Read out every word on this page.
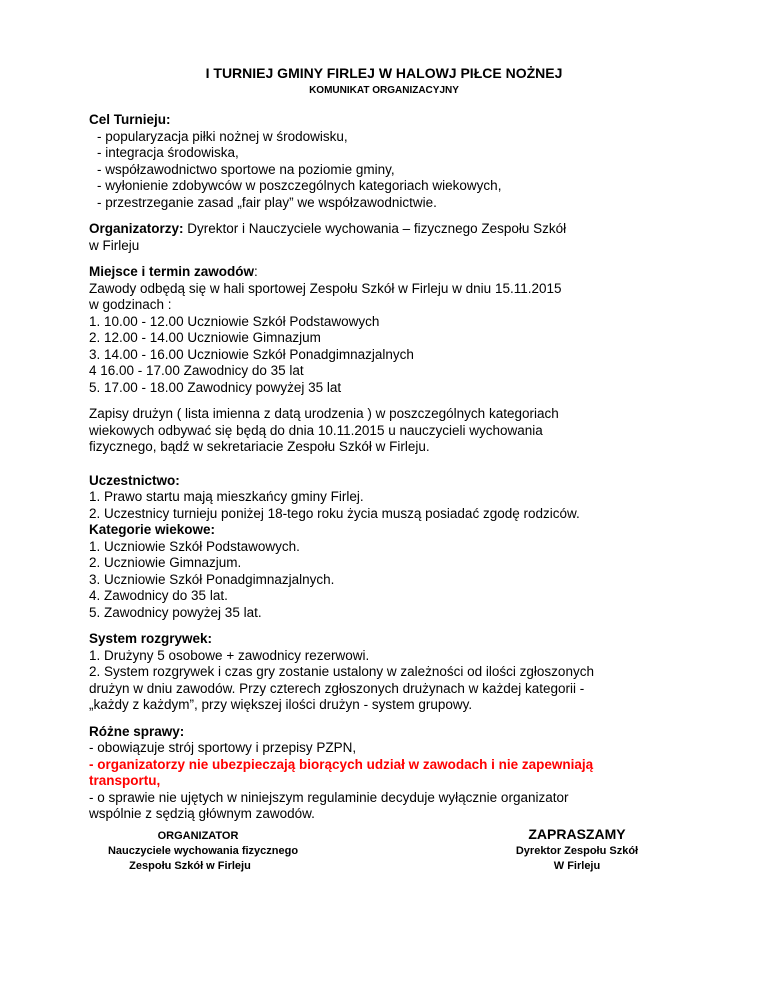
I TURNIEJ GMINY FIRLEJ W HALOWJ PIŁCE NOŻNEJ
KOMUNIKAT ORGANIZACYJNY

Cel Turnieju:

- popularyzacja piłki nożnej w środowisku,

- integracja środowiska,

- współzawodnictwo sportowe na poziomie gminy,

- wyłonienie zdobywców w poszczególnych kategoriach wiekowych,

- przestrzeganie zasad „fair play” we współzawodnictwie.

Organizatorzy: Dyrektor i Nauczyciele wychowania – fizycznego Zespołu Szkół

w Firleju

Miejsce i termin zawodów:

Zawody odbędą się w hali sportowej Zespołu Szkół w Firleju w dniu 15.11.2015

w godzinach :

1. 10.00 - 12.00 Uczniowie Szkół Podstawowych

2. 12.00 - 14.00 Uczniowie Gimnazjum

3. 14.00 - 16.00 Uczniowie Szkół Ponadgimnazjalnych

4 16.00 - 17.00 Zawodnicy do 35 lat

5. 17.00 - 18.00 Zawodnicy powyżej 35 lat

Zapisy drużyn ( lista imienna z datą urodzenia ) w poszczególnych kategoriach

wiekowych odbywać się będą do dnia 10.11.2015 u nauczycieli wychowania

fizycznego, bądź w sekretariacie Zespołu Szkół w Firleju.

Uczestnictwo:

1. Prawo startu mają mieszkańcy gminy Firlej.

2. Uczestnicy turnieju poniżej 18-tego roku życia muszą posiadać zgodę rodziców.

Kategorie wiekowe:

1. Uczniowie Szkół Podstawowych.

2. Uczniowie Gimnazjum.

3. Uczniowie Szkół Ponadgimnazjalnych.

4. Zawodnicy do 35 lat.

5. Zawodnicy powyżej 35 lat.

System rozgrywek:

1. Drużyny 5 osobowe + zawodnicy rezerwowi.

2. System rozgrywek i czas gry zostanie ustalony w zależności od ilości zgłoszonych

drużyn w dniu zawodów. Przy czterech zgłoszonych drużynach w każdej kategorii -

„każdy z każdym”, przy większej ilości drużyn - system grupowy.

Różne sprawy:

- obowiązuje strój sportowy i przepisy PZPN,

- organizatorzy nie ubezpieczają biorących udział w zawodach i nie zapewniają

transportu,

- o sprawie nie ujętych w niniejszym regulaminie decyduje wyłącznie organizator

wspólnie z sędzią głównym zawodów.

ORGANIZATOR
Nauczyciele wychowania fizycznego
Zespołu Szkół w Firleju
ZAPRASZAMY
Dyrektor Zespołu Szkół
W Firleju
